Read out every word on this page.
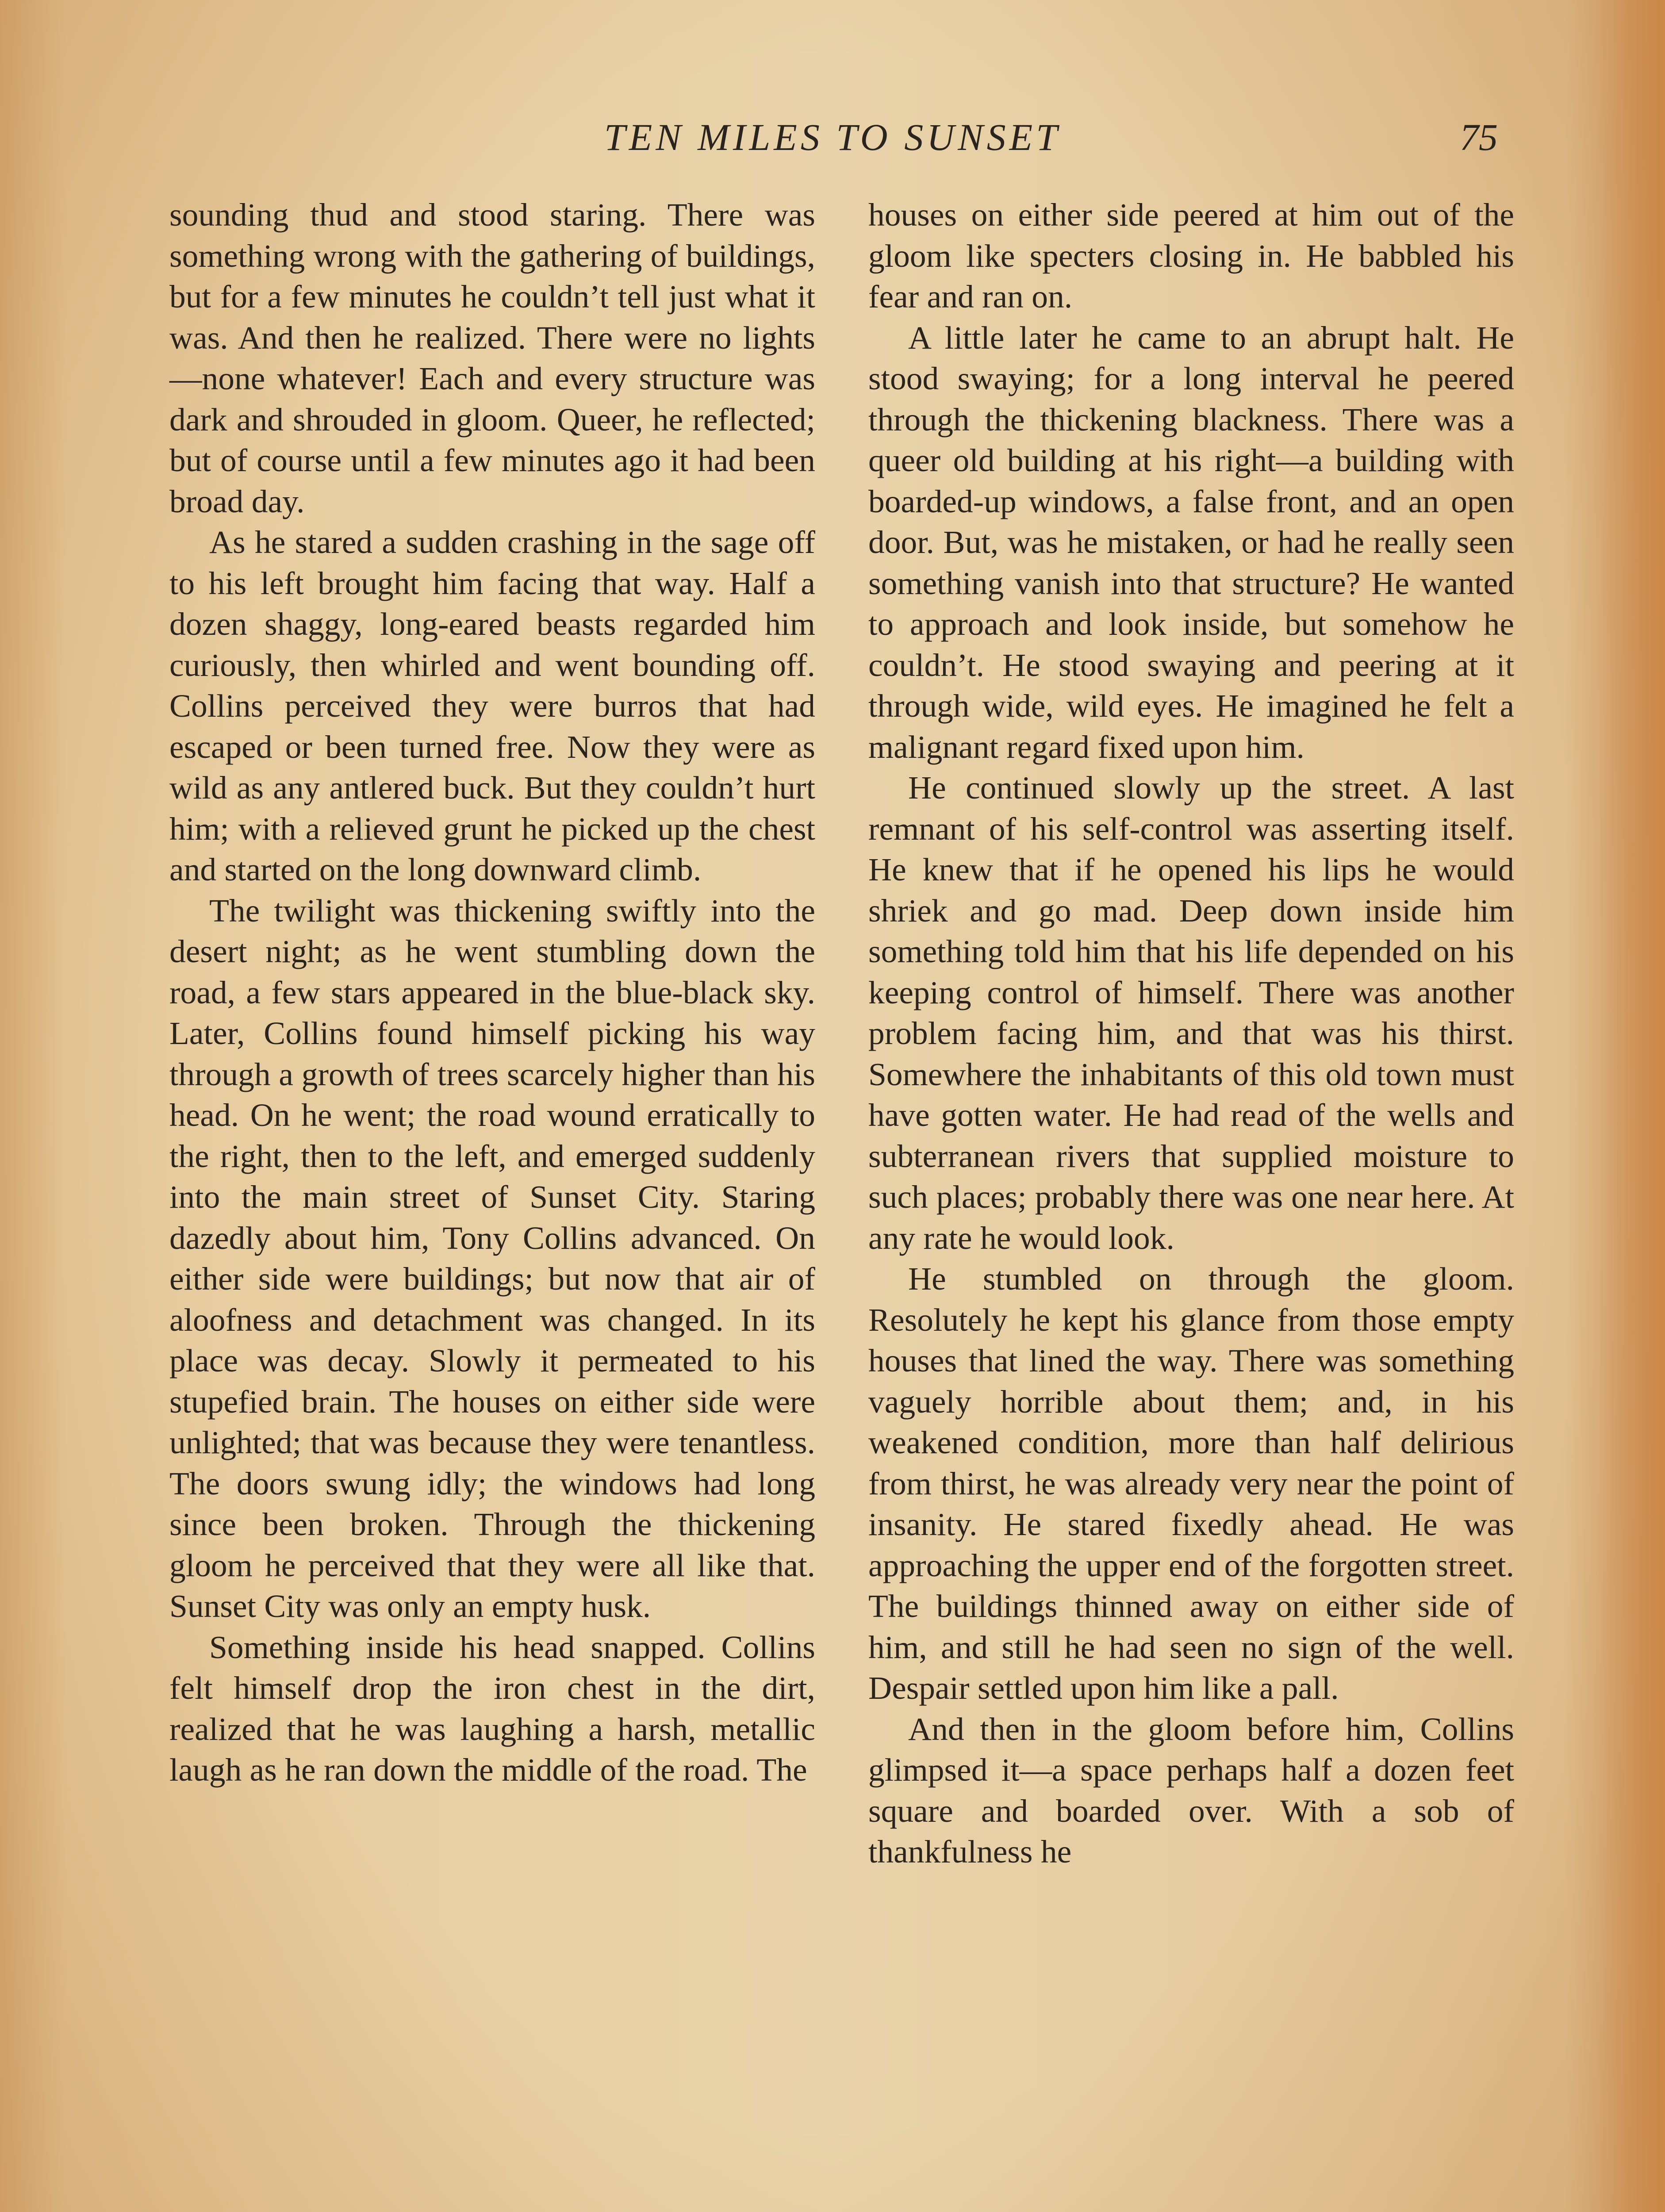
TEN MILES TO SUNSET	75

sounding thud and stood staring. There was something wrong with the gathering of buildings, but for a few minutes he couldn’t tell just what it was. And then he realized. There were no lights—none whatever! Each and every structure was dark and shrouded in gloom. Queer, he reflected; but of course until a few minutes ago it had been broad day.

As he stared a sudden crashing in the sage off to his left brought him facing that way. Half a dozen shaggy, long-eared beasts regarded him curiously, then whirled and went bounding off. Collins perceived they were burros that had escaped or been turned free. Now they were as wild as any antlered buck. But they couldn’t hurt him; with a relieved grunt he picked up the chest and started on the long downward climb.

The twilight was thickening swiftly into the desert night; as he went stumbling down the road, a few stars appeared in the blue-black sky. Later, Collins found himself picking his way through a growth of trees scarcely higher than his head. On he went; the road wound erratically to the right, then to the left, and emerged suddenly into the main street of Sunset City. Staring dazedly about him, Tony Collins advanced. On either side were buildings; but now that air of aloofness and detachment was changed. In its place was decay. Slowly it permeated to his stupefied brain. The houses on either side were unlighted; that was because they were tenantless. The doors swung idly; the windows had long since been broken. Through the thickening gloom he perceived that they were all like that. Sunset City was only an empty husk.

Something inside his head snapped. Collins felt himself drop the iron chest in the dirt, realized that he was laughing a harsh, metallic laugh as he ran down the middle of the road. The

houses on either side peered at him out of the gloom like specters closing in. He babbled his fear and ran on.

A little later he came to an abrupt halt. He stood swaying; for a long interval he peered through the thickening blackness. There was a queer old building at his right—a building with boarded-up windows, a false front, and an open door. But, was he mistaken, or had he really seen something vanish into that structure? He wanted to approach and look inside, but somehow he couldn’t. He stood swaying and peering at it through wide, wild eyes. He imagined he felt a malignant regard fixed upon him.

He continued slowly up the street. A last remnant of his self-control was asserting itself. He knew that if he opened his lips he would shriek and go mad. Deep down inside him something told him that his life depended on his keeping control of himself. There was another problem facing him, and that was his thirst. Somewhere the inhabitants of this old town must have gotten water. He had read of the wells and subterranean rivers that supplied moisture to such places; probably there was one near here. At any rate he would look.

He stumbled on through the gloom. Resolutely he kept his glance from those empty houses that lined the way. There was something vaguely horrible about them; and, in his weakened condition, more than half delirious from thirst, he was already very near the point of insanity. He stared fixedly ahead. He was approaching the upper end of the forgotten street. The buildings thinned away on either side of him, and still he had seen no sign of the well. Despair settled upon him like a pall.

And then in the gloom before him, Collins glimpsed it—a space perhaps half a dozen feet square and boarded over. With a sob of thankfulness he
